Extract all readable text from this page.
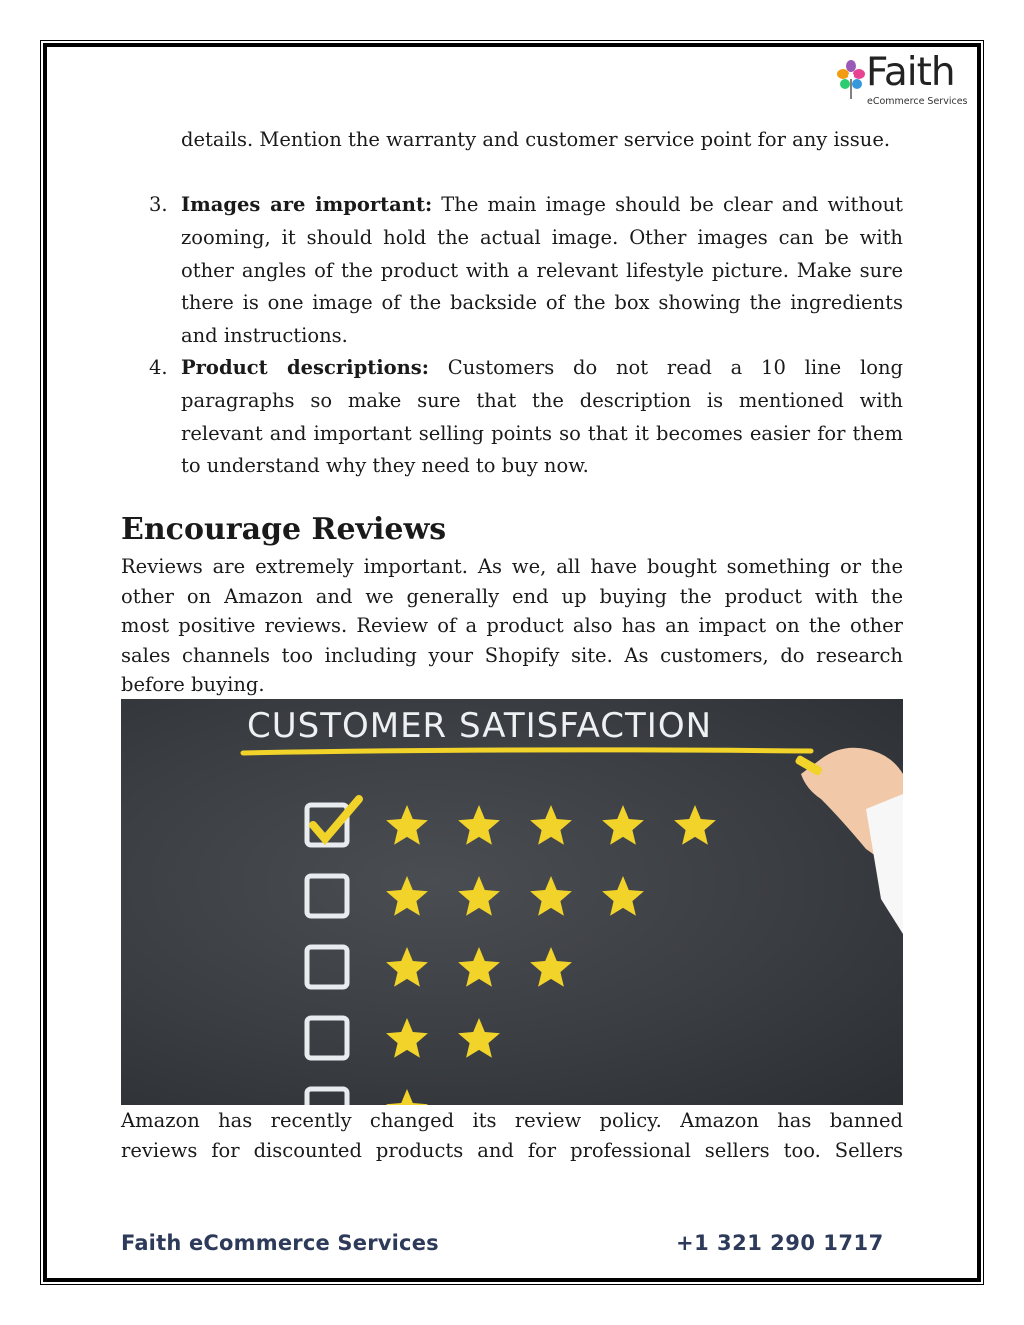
Faith
eCommerce Services
details. Mention the warranty and customer service point for any issue.
3. Images are important: The main image should be clear and without zooming, it should hold the actual image. Other images can be with other angles of the product with a relevant lifestyle picture. Make sure there is one image of the backside of the box showing the ingredients and instructions.
4. Product descriptions: Customers do not read a 10 line long paragraphs so make sure that the description is mentioned with relevant and important selling points so that it becomes easier for them to understand why they need to buy now.
Encourage Reviews
Reviews are extremely important. As we, all have bought something or the
other on Amazon and we generally end up buying the product with the
most positive reviews. Review of a product also has an impact on the other
sales channels too including your Shopify site. As customers, do research
before buying.
CUSTOMER SATISFACTION
Amazon has recently changed its review policy. Amazon has banned
reviews for discounted products and for professional sellers too. Sellers
Faith eCommerce Services	+1 321 290 1717
